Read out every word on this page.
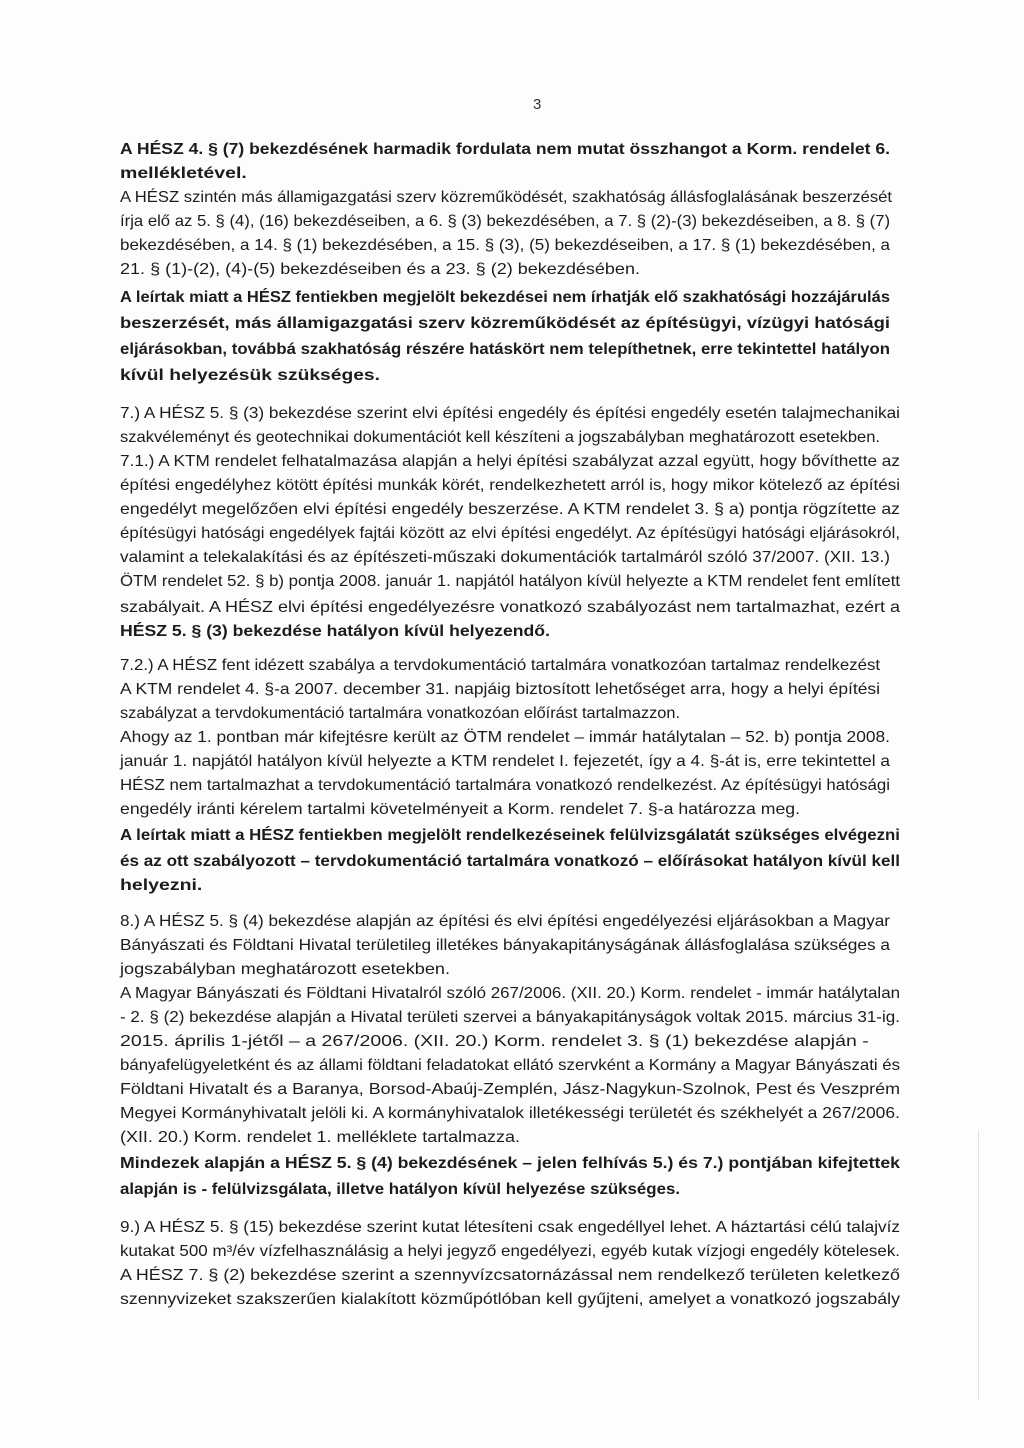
3
A HÉSZ 4. § (7) bekezdésének harmadik fordulata nem mutat összhangot a Korm. rendelet 6.
mellékletével.
A HÉSZ szintén más államigazgatási szerv közreműködését, szakhatóság állásfoglalásának beszerzését
írja elő az 5. § (4), (16) bekezdéseiben, a 6. § (3) bekezdésében, a 7. § (2)-(3) bekezdéseiben, a 8. § (7)
bekezdésében, a 14. § (1) bekezdésében, a 15. § (3), (5) bekezdéseiben, a 17. § (1) bekezdésében, a
21. § (1)-(2), (4)-(5) bekezdéseiben és a 23. § (2) bekezdésében.
A leírtak miatt a HÉSZ fentiekben megjelölt bekezdései nem írhatják elő szakhatósági hozzájárulás
beszerzését, más államigazgatási szerv közreműködését az építésügyi, vízügyi hatósági
eljárásokban, továbbá szakhatóság részére hatáskört nem telepíthetnek, erre tekintettel hatályon
kívül helyezésük szükséges.
7.) A HÉSZ 5. § (3) bekezdése szerint elvi építési engedély és építési engedély esetén talajmechanikai
szakvéleményt és geotechnikai dokumentációt kell készíteni a jogszabályban meghatározott esetekben.
7.1.) A KTM rendelet felhatalmazása alapján a helyi építési szabályzat azzal együtt, hogy bővíthette az
építési engedélyhez kötött építési munkák körét, rendelkezhetett arról is, hogy mikor kötelező az építési
engedélyt megelőzően elvi építési engedély beszerzése. A KTM rendelet 3. § a) pontja rögzítette az
építésügyi hatósági engedélyek fajtái között az elvi építési engedélyt. Az építésügyi hatósági eljárásokról,
valamint a telekalakítási és az építészeti-műszaki dokumentációk tartalmáról szóló 37/2007. (XII. 13.)
ÖTM rendelet 52. § b) pontja 2008. január 1. napjától hatályon kívül helyezte a KTM rendelet fent említett
szabályait. A HÉSZ elvi építési engedélyezésre vonatkozó szabályozást nem tartalmazhat, ezért a
HÉSZ 5. § (3) bekezdése hatályon kívül helyezendő.
7.2.) A HÉSZ fent idézett szabálya a tervdokumentáció tartalmára vonatkozóan tartalmaz rendelkezést
A KTM rendelet 4. §-a 2007. december 31. napjáig biztosított lehetőséget arra, hogy a helyi építési
szabályzat a tervdokumentáció tartalmára vonatkozóan előírást tartalmazzon.
Ahogy az 1. pontban már kifejtésre került az ÖTM rendelet – immár hatálytalan – 52. b) pontja 2008.
január 1. napjától hatályon kívül helyezte a KTM rendelet I. fejezetét, így a 4. §-át is, erre tekintettel a
HÉSZ nem tartalmazhat a tervdokumentáció tartalmára vonatkozó rendelkezést. Az építésügyi hatósági
engedély iránti kérelem tartalmi követelményeit a Korm. rendelet 7. §-a határozza meg.
A leírtak miatt a HÉSZ fentiekben megjelölt rendelkezéseinek felülvizsgálatát szükséges elvégezni
és az ott szabályozott – tervdokumentáció tartalmára vonatkozó – előírásokat hatályon kívül kell
helyezni.
8.) A HÉSZ 5. § (4) bekezdése alapján az építési és elvi építési engedélyezési eljárásokban a Magyar
Bányászati és Földtani Hivatal területileg illetékes bányakapitányságának állásfoglalása szükséges a
jogszabályban meghatározott esetekben.
A Magyar Bányászati és Földtani Hivatalról szóló 267/2006. (XII. 20.) Korm. rendelet - immár hatálytalan
- 2. § (2) bekezdése alapján a Hivatal területi szervei a bányakapitányságok voltak 2015. március 31-ig.
2015. április 1-jétől – a 267/2006. (XII. 20.) Korm. rendelet 3. § (1) bekezdése alapján -
bányafelügyeletként és az állami földtani feladatokat ellátó szervként a Kormány a Magyar Bányászati és
Földtani Hivatalt és a Baranya, Borsod-Abaúj-Zemplén, Jász-Nagykun-Szolnok, Pest és Veszprém
Megyei Kormányhivatalt jelöli ki. A kormányhivatalok illetékességi területét és székhelyét a 267/2006.
(XII. 20.) Korm. rendelet 1. melléklete tartalmazza.
Mindezek alapján a HÉSZ 5. § (4) bekezdésének – jelen felhívás 5.) és 7.) pontjában kifejtettek
alapján is - felülvizsgálata, illetve hatályon kívül helyezése szükséges.
9.) A HÉSZ 5. § (15) bekezdése szerint kutat létesíteni csak engedéllyel lehet. A háztartási célú talajvíz
kutakat 500 m³/év vízfelhasználásig a helyi jegyző engedélyezi, egyéb kutak vízjogi engedély kötelesek.
A HÉSZ 7. § (2) bekezdése szerint a szennyvízcsatornázással nem rendelkező területen keletkező
szennyvizeket szakszerűen kialakított közműpótlóban kell gyűjteni, amelyet a vonatkozó jogszabály
